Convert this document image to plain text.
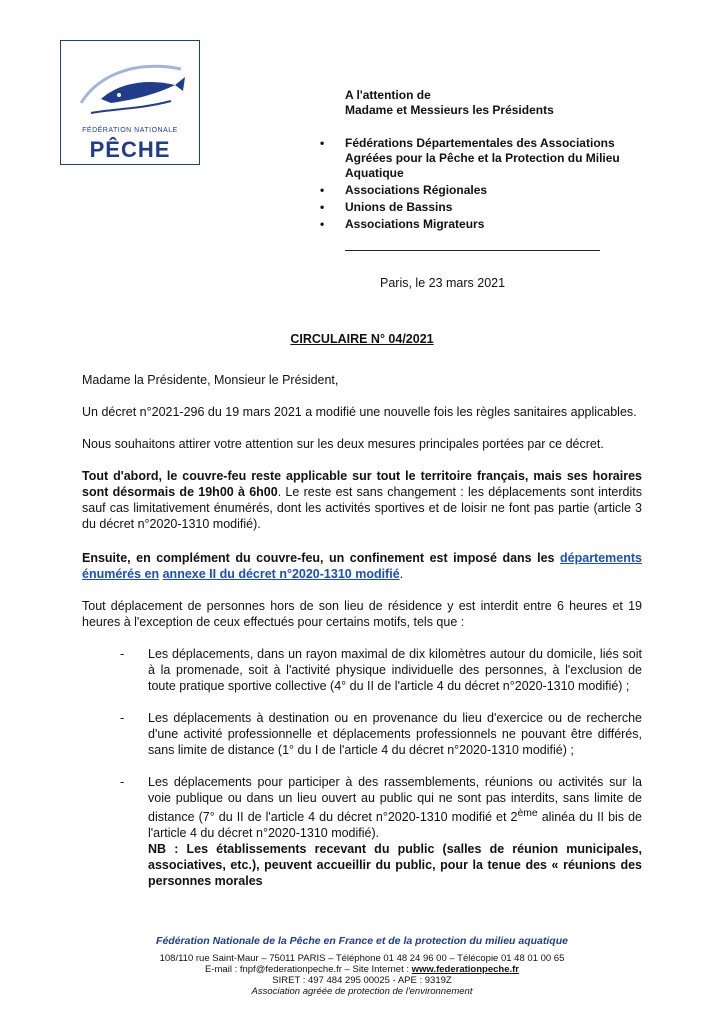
FÉDÉRATION NATIONALE
PÊCHE
A l'attention de
Madame et Messieurs les Présidents
• Fédérations Départementales des Associations Agréées pour la Pêche et la Protection du Milieu Aquatique
• Associations Régionales
• Unions de Bassins
• Associations Migrateurs
Paris, le 23 mars 2021
CIRCULAIRE N° 04/2021

Madame la Présidente, Monsieur le Président,

Un décret n°2021-296 du 19 mars 2021 a modifié une nouvelle fois les règles sanitaires applicables.

Nous souhaitons attirer votre attention sur les deux mesures principales portées par ce décret.

Tout d'abord, le couvre-feu reste applicable sur tout le territoire français, mais ses horaires sont désormais de 19h00 à 6h00. Le reste est sans changement : les déplacements sont interdits sauf cas limitativement énumérés, dont les activités sportives et de loisir ne font pas partie (article 3 du décret n°2020-1310 modifié).

Ensuite, en complément du couvre-feu, un confinement est imposé dans les départements énumérés en annexe II du décret n°2020-1310 modifié.

Tout déplacement de personnes hors de son lieu de résidence y est interdit entre 6 heures et 19 heures à l'exception de ceux effectués pour certains motifs, tels que :

- Les déplacements, dans un rayon maximal de dix kilomètres autour du domicile, liés soit à la promenade, soit à l'activité physique individuelle des personnes, à l'exclusion de toute pratique sportive collective (4° du II de l'article 4 du décret n°2020-1310 modifié) ;
- Les déplacements à destination ou en provenance du lieu d'exercice ou de recherche d'une activité professionnelle et déplacements professionnels ne pouvant être différés, sans limite de distance (1° du I de l'article 4 du décret n°2020-1310 modifié) ;
- Les déplacements pour participer à des rassemblements, réunions ou activités sur la voie publique ou dans un lieu ouvert au public qui ne sont pas interdits, sans limite de distance (7° du II de l'article 4 du décret n°2020-1310 modifié et 2ème alinéa du II bis de l'article 4 du décret n°2020-1310 modifié).
NB : Les établissements recevant du public (salles de réunion municipales, associatives, etc.), peuvent accueillir du public, pour la tenue des « réunions des personnes morales
Fédération Nationale de la Pêche en France et de la protection du milieu aquatique
108/110 rue Saint-Maur – 75011 PARIS – Téléphone 01 48 24 96 00 – Télécopie 01 48 01 00 65
E-mail : fnpf@federationpeche.fr – Site Internet : www.federationpeche.fr
SIRET : 497 484 295 00025 - APE : 9319Z
Association agréée de protection de l'environnement
